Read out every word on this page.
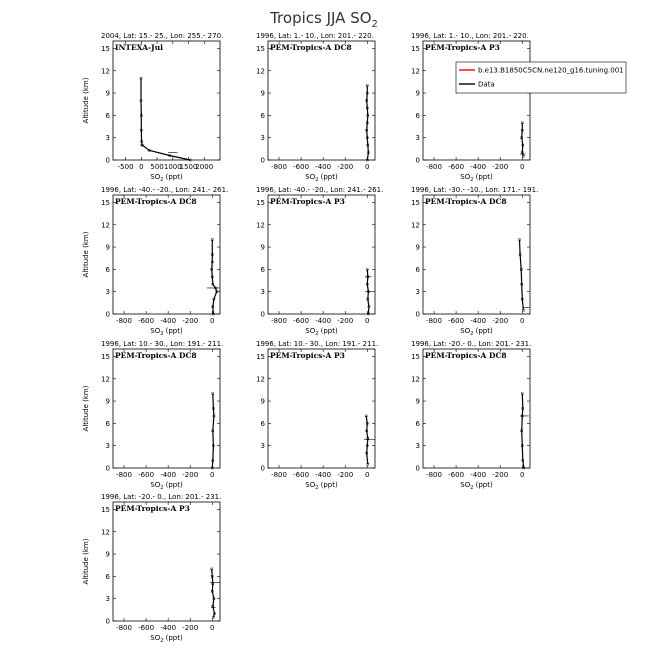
Tropics JJA $SO_2$
2004, Lat: 15.- 25., Lon: 255.- 270.
INTEXA-Jul
0
3
6
9
12
15
-500 0 500 1000
1500
2000
$SO_2$ (ppt)
Altitude (km)
1996, Lat: 1.- 10., Lon: 201.- 220.
PEM-Tropics-A DC8
0
3
6
9
12
15
-800 -600 -400 -200 0
$SO_2$ (ppt)
1996, Lat: 1.- 10., Lon: 201.- 220.
PEM-Tropics-A P3
0
3
6
9
12
15
-800 -600 -400 -200 0
$SO_2$ (ppt)
1996, Lat: -40.- -20., Lon: 241.- 261.
PEM-Tropics-A DC8
0
3
6
9
12
15
-800 -600 -400 -200 0
$SO_2$ (ppt)
Altitude (km)
1996, Lat: -40.- -20., Lon: 241.- 261.
PEM-Tropics-A P3
0
3
6
9
12
15
-800 -600 -400 -200 0
$SO_2$ (ppt)
1996, Lat: -30.- -10., Lon: 171.- 191.
PEM-Tropics-A DC8
0
3
6
9
12
15
-800 -600 -400 -200 0
$SO_2$ (ppt)
1996, Lat: 10.- 30., Lon: 191.- 211.
PEM-Tropics-A DC8
0
3
6
9
12
15
-800 -600 -400 -200 0
$SO_2$ (ppt)
Altitude (km)
1996, Lat: 10.- 30., Lon: 191.- 211.
PEM-Tropics-A P3
0
3
6
9
12
15
-800 -600 -400 -200 0
$SO_2$ (ppt)
1996, Lat: -20.- 0., Lon: 201.- 231.
PEM-Tropics-A DC8
0
3
6
9
12
15
-800 -600 -400 -200 0
$SO_2$ (ppt)
1996, Lat: -20.- 0., Lon: 201.- 231.
PEM-Tropics-A P3
0
3
6
9
12
15
-800 -600 -400 -200 0
$SO_2$ (ppt)
Altitude (km)
b.e13.B1850C5CN.ne120_g16.tuning.001
Data
